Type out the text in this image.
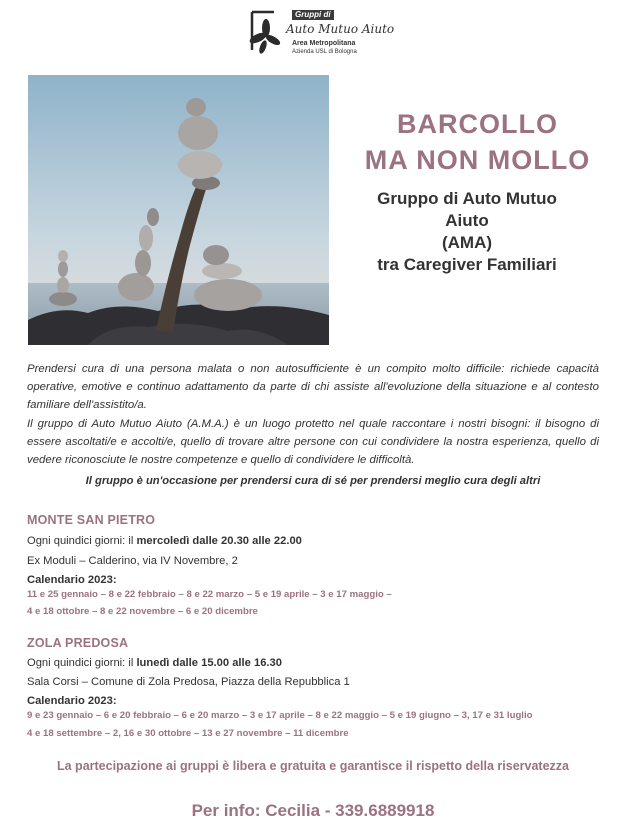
Gruppi di
Auto Mutuo Aiuto
Area Metropolitana
Azienda USL di Bologna
BARCOLLO
MA NON MOLLO
Gruppo di Auto Mutuo
Aiuto
(AMA)
tra Caregiver Familiari

Prendersi cura di una persona malata o non autosufficiente è un compito molto difficile: richiede capacità operative, emotive e continuo adattamento da parte di chi assiste all'evoluzione della situazione e al contesto familiare dell'assistito/a.

Il gruppo di Auto Mutuo Aiuto (A.M.A.) è un luogo protetto nel quale raccontare i nostri bisogni: il bisogno di essere ascoltati/e e accolti/e, quello di trovare altre persone con cui condividere la nostra esperienza, quello di vedere riconosciute le nostre competenze e quello di condividere le difficoltà.

Il gruppo è un'occasione per prendersi cura di sé per prendersi meglio cura degli altri
MONTE SAN PIETRO
Ogni quindici giorni: il mercoledì dalle 20.30 alle 22.00
Ex Moduli – Calderino, via IV Novembre, 2
Calendario 2023:
11 e 25 gennaio – 8 e 22 febbraio – 8 e 22 marzo – 5 e 19 aprile – 3 e 17 maggio –
4 e 18 ottobre – 8 e 22 novembre – 6 e 20 dicembre
ZOLA PREDOSA
Ogni quindici giorni: il lunedì dalle 15.00 alle 16.30
Sala Corsi – Comune di Zola Predosa, Piazza della Repubblica 1
Calendario 2023:
9 e 23 gennaio – 6 e 20 febbraio – 6 e 20 marzo – 3 e 17 aprile – 8 e 22 maggio – 5 e 19 giugno – 3, 17 e 31 luglio
4 e 18 settembre – 2, 16 e 30 ottobre – 13 e 27 novembre – 11 dicembre
La partecipazione ai gruppi è libera e gratuita e garantisce il rispetto della riservatezza
Per info: Cecilia - 339.6889918
